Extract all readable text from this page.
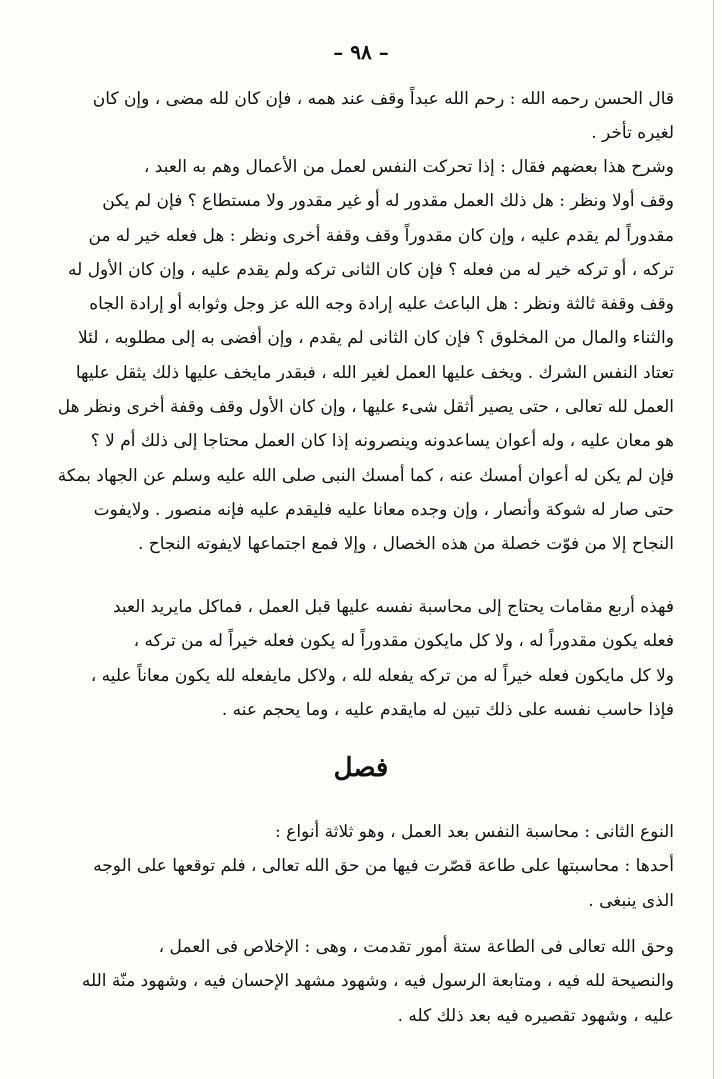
– ٩٨ –
قال الحسن رحمه الله : رحم الله عبداً وقف عند همه ، فإن كان لله مضى ، وإن كان
لغيره تأخر .
وشرح هذا بعضهم فقال : إذا تحركت النفس لعمل من الأعمال وهم به العبد ،
وقف أولا ونظر : هل ذلك العمل مقدور له أو غير مقدور ولا مستطاع ؟ فإن لم يكن
مقدوراً لم يقدم عليه ، وإن كان مقدوراً وقف وقفة أخرى ونظر : هل فعله خير له من
تركه ، أو تركه خير له من فعله ؟ فإن كان الثانى تركه ولم يقدم عليه ، وإن كان الأول له
وقف وقفة ثالثة ونظر : هل الباعث عليه إرادة وجه الله عز وجل وثوابه أو إرادة الجاه
والثناء والمال من المخلوق ؟ فإن كان الثانى لم يقدم ، وإن أفضى به إلى مطلوبه ، لئلا
تعتاد النفس الشرك . ويخف عليها العمل لغير الله ، فبقدر مايخف عليها ذلك يثقل عليها
العمل لله تعالى ، حتى يصير أثقل شىء عليها ، وإن كان الأول وقف وقفة أخرى ونظر هل
هو معان عليه ، وله أعوان يساعدونه وينصرونه إذا كان العمل محتاجا إلى ذلك أم لا ؟
فإن لم يكن له أعوان أمسك عنه ، كما أمسك النبى صلى الله عليه وسلم عن الجهاد بمكة
حتى صار له شوكة وأنصار ، وإن وجده معانا عليه فليقدم عليه فإنه منصور . ولايفوت
النجاح إلا من فوّت خصلة من هذه الخصال ، وإلا فمع اجتماعها لايفوته النجاح .
فهذه أربع مقامات يحتاج إلى محاسبة نفسه عليها قبل العمل ، فماكل مايريد العبد
فعله يكون مقدوراً له ، ولا كل مايكون مقدوراً له يكون فعله خيراً له من تركه ،
ولا كل مايكون فعله خيراً له من تركه يفعله لله ، ولاكل مايفعله لله يكون معاناً عليه ،
فإذا حاسب نفسه على ذلك تبين له مايقدم عليه ، وما يحجم عنه .
فصل
النوع الثانى : محاسبة النفس بعد العمل ، وهو ثلاثة أنواع :
أحدها : محاسبتها على طاعة قصّرت فيها من حق الله تعالى ، فلم توقعها على الوجه
الذى ينبغى .
وحق الله تعالى فى الطاعة ستة أمور تقدمت ، وهى : الإخلاص فى العمل ،
والنصيحة لله فيه ، ومتابعة الرسول فيه ، وشهود مشهد الإحسان فيه ، وشهود منّة الله
عليه ، وشهود تقصيره فيه بعد ذلك كله .
